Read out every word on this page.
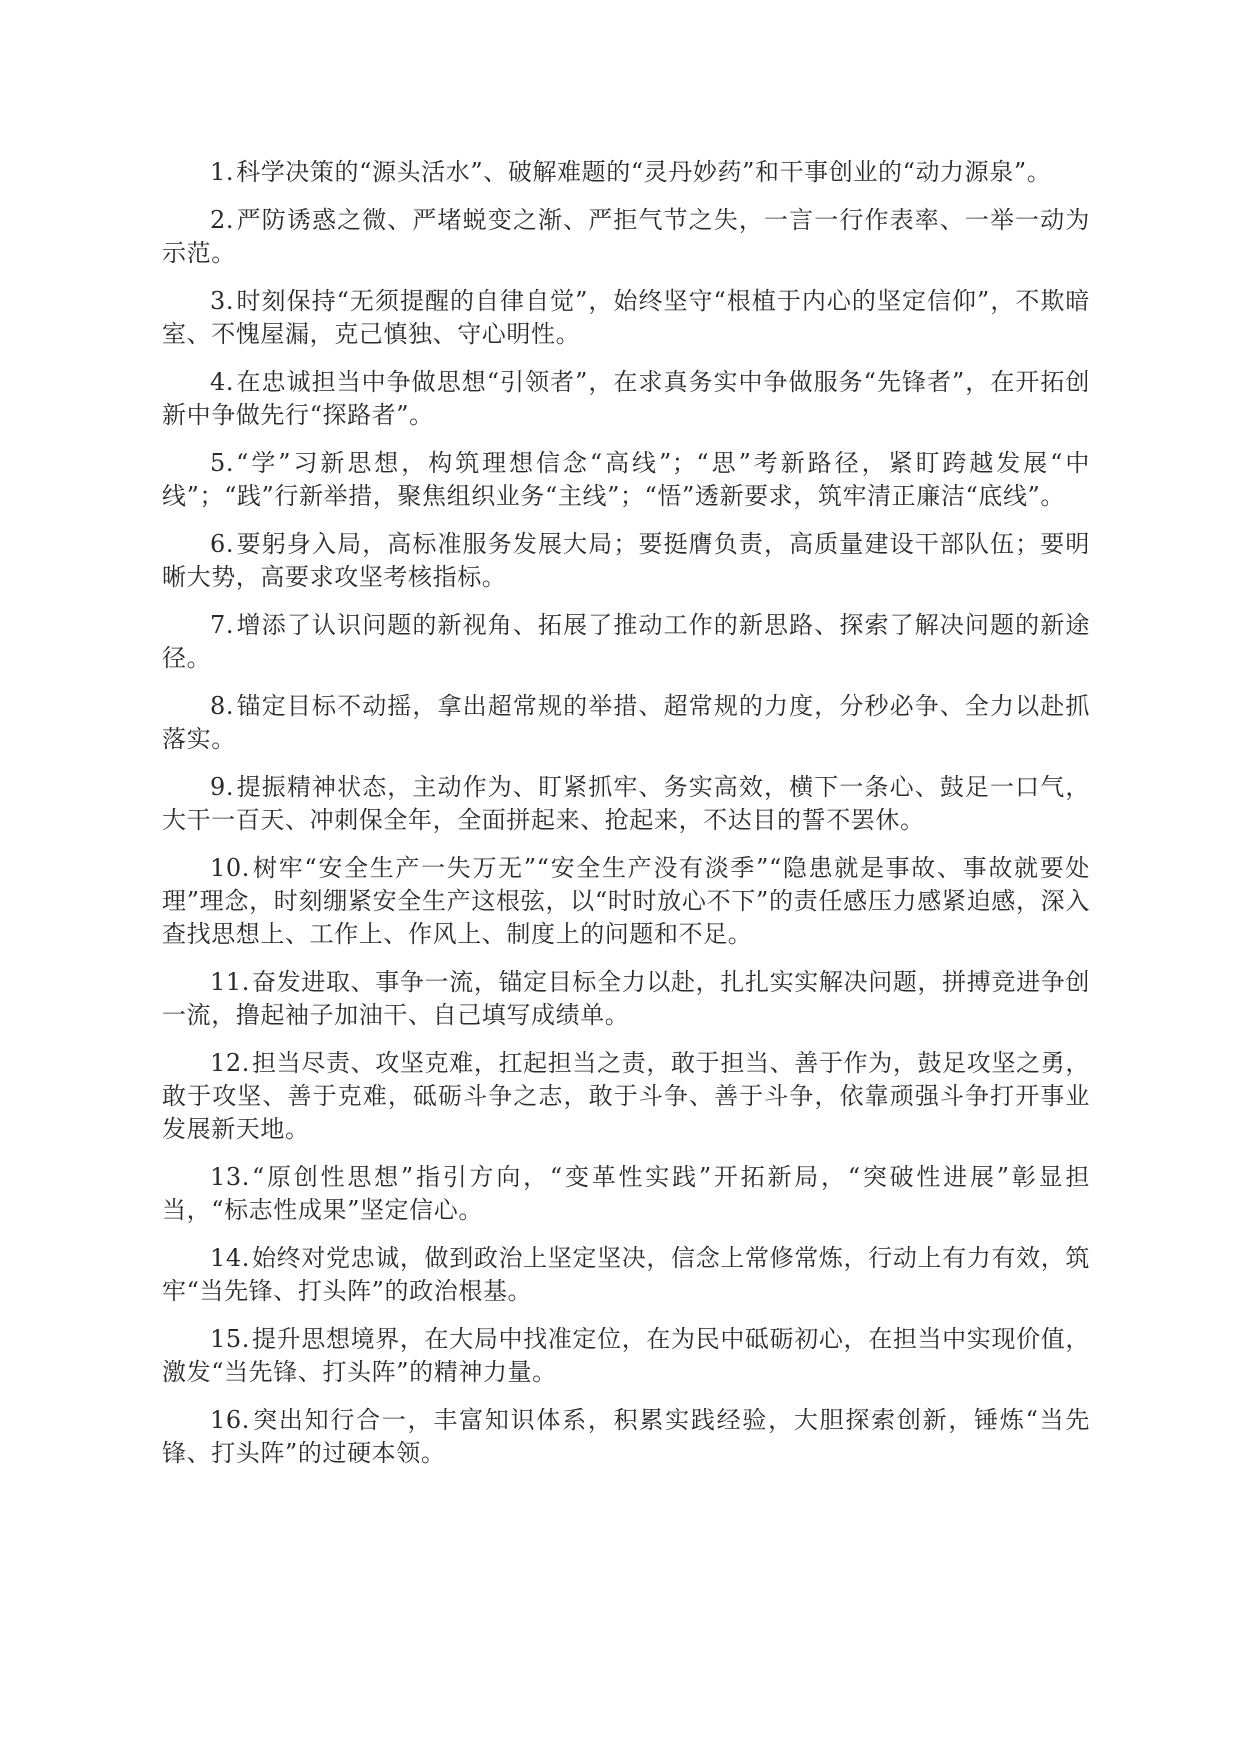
1.科学决策的“源头活水”、破解难题的“灵丹妙药”和干事创业的“动力源泉”。

2.严防诱惑之微、严堵蜕变之渐、严拒气节之失，一言一行作表率、一举一动为示范。

3.时刻保持“无须提醒的自律自觉”，始终坚守“根植于内心的坚定信仰”，不欺暗室、不愧屋漏，克己慎独、守心明性。

4.在忠诚担当中争做思想“引领者”，在求真务实中争做服务“先锋者”，在开拓创新中争做先行“探路者”。

5.“学”习新思想，构筑理想信念“高线”；“思”考新路径，紧盯跨越发展“中线”；“践”行新举措，聚焦组织业务“主线”；“悟”透新要求，筑牢清正廉洁“底线”。

6.要躬身入局，高标准服务发展大局；要挺膺负责，高质量建设干部队伍；要明晰大势，高要求攻坚考核指标。

7.增添了认识问题的新视角、拓展了推动工作的新思路、探索了解决问题的新途径。

8.锚定目标不动摇，拿出超常规的举措、超常规的力度，分秒必争、全力以赴抓落实。

9.提振精神状态，主动作为、盯紧抓牢、务实高效，横下一条心、鼓足一口气，大干一百天、冲刺保全年，全面拼起来、抢起来，不达目的誓不罢休。

10.树牢“安全生产一失万无”“安全生产没有淡季”“隐患就是事故、事故就要处理”理念，时刻绷紧安全生产这根弦，以“时时放心不下”的责任感压力感紧迫感，深入查找思想上、工作上、作风上、制度上的问题和不足。

11.奋发进取、事争一流，锚定目标全力以赴，扎扎实实解决问题，拼搏竞进争创一流，撸起袖子加油干、自己填写成绩单。

12.担当尽责、攻坚克难，扛起担当之责，敢于担当、善于作为，鼓足攻坚之勇，敢于攻坚、善于克难，砥砺斗争之志，敢于斗争、善于斗争，依靠顽强斗争打开事业发展新天地。

13.“原创性思想”指引方向，“变革性实践”开拓新局，“突破性进展”彰显担当，“标志性成果”坚定信心。

14.始终对党忠诚，做到政治上坚定坚决，信念上常修常炼，行动上有力有效，筑牢“当先锋、打头阵”的政治根基。

15.提升思想境界，在大局中找准定位，在为民中砥砺初心，在担当中实现价值，激发“当先锋、打头阵”的精神力量。

16.突出知行合一，丰富知识体系，积累实践经验，大胆探索创新，锤炼“当先锋、打头阵”的过硬本领。
